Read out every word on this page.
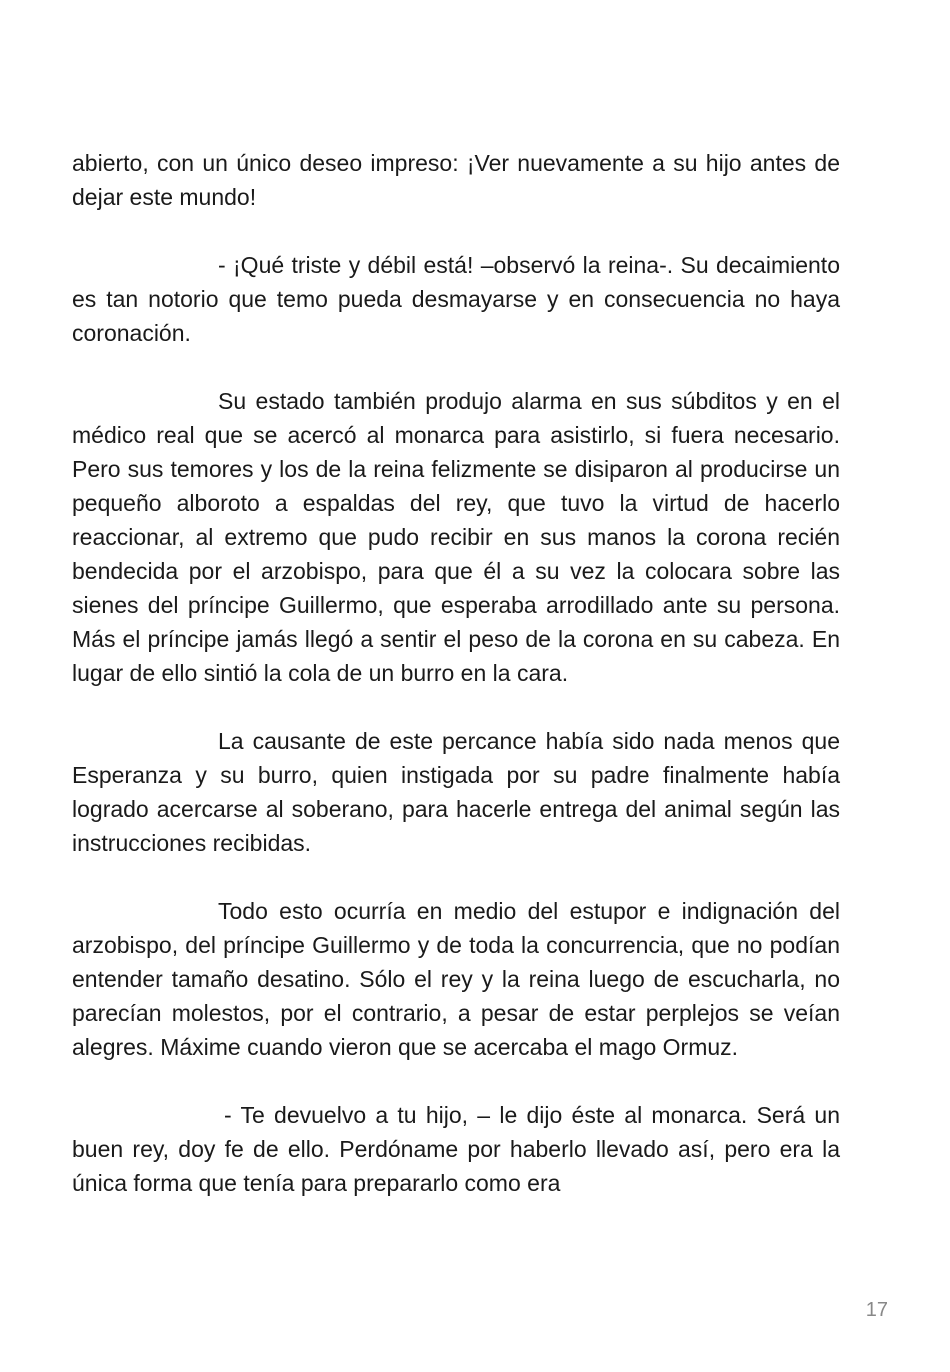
abierto, con un único deseo impreso: ¡Ver nuevamente a su hijo antes de dejar este mundo!

- ¡Qué triste y débil está! –observó la reina-. Su decaimiento es tan notorio que temo pueda desmayarse y en consecuencia no haya coronación.

Su estado también produjo alarma en sus súbditos y en el médico real que se acercó al monarca para asistirlo, si fuera necesario. Pero sus temores y los de la reina felizmente se disiparon al producirse un pequeño alboroto a espaldas del rey, que tuvo la virtud de hacerlo reaccionar, al extremo que pudo recibir en sus manos la corona recién bendecida por el arzobispo, para que él a su vez la colocara sobre las sienes del príncipe Guillermo, que esperaba arrodillado ante su persona. Más el príncipe jamás llegó a sentir el peso de la corona en su cabeza. En lugar de ello sintió la cola de un burro en la cara.

La causante de este percance había sido nada menos que Esperanza y su burro, quien instigada por su padre finalmente había logrado acercarse al soberano, para hacerle entrega del animal según las instrucciones recibidas.

Todo esto ocurría en medio del estupor e indignación del arzobispo, del príncipe Guillermo y de toda la concurrencia, que no podían entender tamaño desatino. Sólo el rey y la reina luego de escucharla, no parecían molestos, por el contrario, a pesar de estar perplejos se veían alegres. Máxime cuando vieron que se acercaba el mago Ormuz.

- Te devuelvo a tu hijo, – le dijo éste al monarca. Será un buen rey, doy fe de ello. Perdóname por haberlo llevado así, pero era la única forma que tenía para prepararlo como era

17
